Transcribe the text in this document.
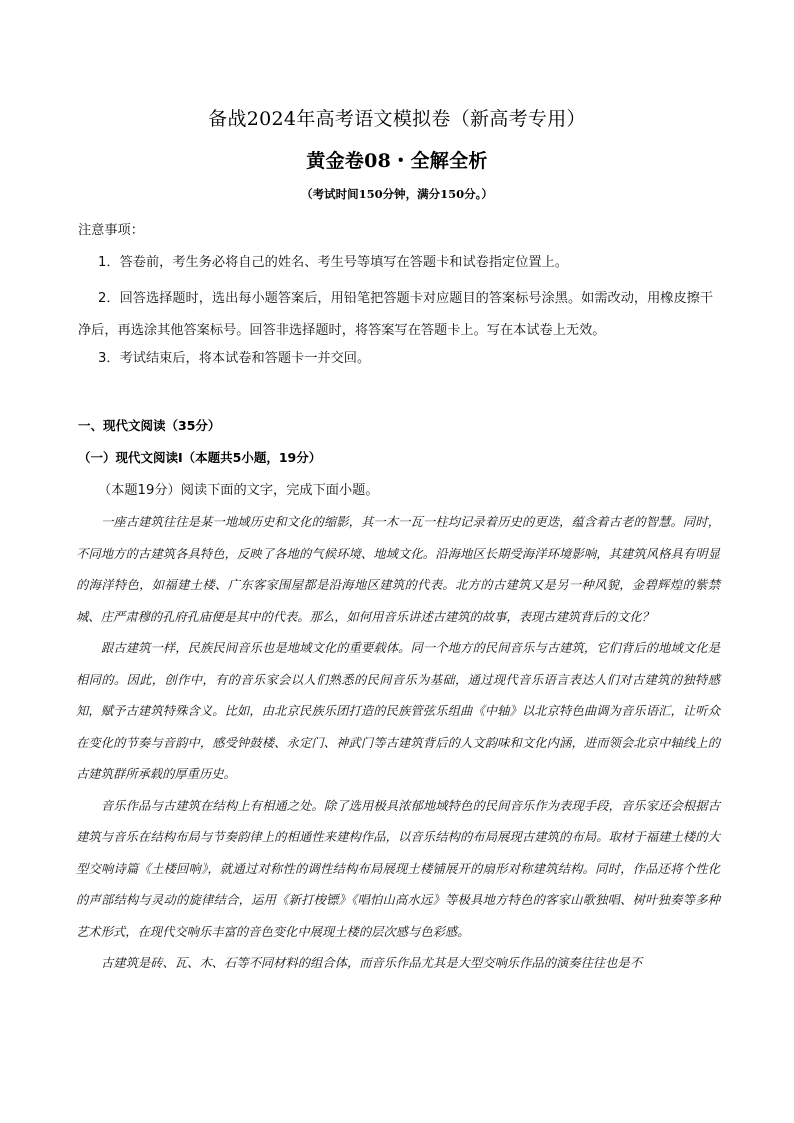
备战2024年高考语文模拟卷（新高考专用）
黄金卷08・全解全析
（考试时间150分钟，满分150分。）
注意事项：
1．答卷前，考生务必将自己的姓名、考生号等填写在答题卡和试卷指定位置上。
2．回答选择题时，选出每小题答案后，用铅笔把答题卡对应题目的答案标号涂黑。如需改动，用橡皮擦干净后，再选涂其他答案标号。回答非选择题时，将答案写在答题卡上。写在本试卷上无效。
3．考试结束后，将本试卷和答题卡一并交回。
一、现代文阅读（35分）
（一）现代文阅读Ⅰ（本题共5小题，19分）
（本题19分）阅读下面的文字，完成下面小题。

一座古建筑往往是某一地域历史和文化的缩影，其一木一瓦一柱均记录着历史的更迭，蕴含着古老的智慧。同时，不同地方的古建筑各具特色，反映了各地的气候环境、地域文化。沿海地区长期受海洋环境影响，其建筑风格具有明显的海洋特色，如福建土楼、广东客家围屋都是沿海地区建筑的代表。北方的古建筑又是另一种风貌，金碧辉煌的紫禁城、庄严肃穆的孔府孔庙便是其中的代表。那么，如何用音乐讲述古建筑的故事，表现古建筑背后的文化？

跟古建筑一样，民族民间音乐也是地域文化的重要载体。同一个地方的民间音乐与古建筑，它们背后的地域文化是相同的。因此，创作中，有的音乐家会以人们熟悉的民间音乐为基础，通过现代音乐语言表达人们对古建筑的独特感知，赋予古建筑特殊含义。比如，由北京民族乐团打造的民族管弦乐组曲《中轴》以北京特色曲调为音乐语汇，让听众在变化的节奏与音韵中，感受钟鼓楼、永定门、神武门等古建筑背后的人文韵味和文化内涵，进而领会北京中轴线上的古建筑群所承载的厚重历史。

音乐作品与古建筑在结构上有相通之处。除了选用极具浓郁地域特色的民间音乐作为表现手段，音乐家还会根据古建筑与音乐在结构布局与节奏韵律上的相通性来建构作品，以音乐结构的布局展现古建筑的布局。取材于福建土楼的大型交响诗篇《土楼回响》，就通过对称性的调性结构布局展现土楼铺展开的扇形对称建筑结构。同时，作品还将个性化的声部结构与灵动的旋律结合，运用《新打梭镖》《唱怕山高水远》等极具地方特色的客家山歌独唱、树叶独奏等多种艺术形式，在现代交响乐丰富的音色变化中展现土楼的层次感与色彩感。

古建筑是砖、瓦、木、石等不同材料的组合体，而音乐作品尤其是大型交响乐作品的演奏往往也是不
